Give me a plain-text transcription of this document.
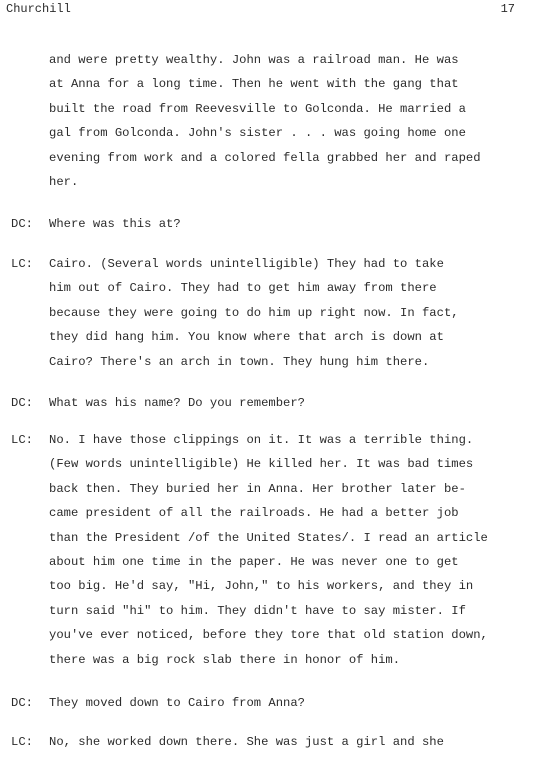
Churchill	17
and were pretty wealthy. John was a railroad man. He was
at Anna for a long time. Then he went with the gang that
built the road from Reevesville to Golconda. He married a
gal from Golconda. John's sister . . . was going home one
evening from work and a colored fella grabbed her and raped
her.
DC: Where was this at?
LC: Cairo. (Several words unintelligible) They had to take
him out of Cairo. They had to get him away from there
because they were going to do him up right now. In fact,
they did hang him. You know where that arch is down at
Cairo? There's an arch in town. They hung him there.
DC: What was his name? Do you remember?
LC: No. I have those clippings on it. It was a terrible thing.
(Few words unintelligible) He killed her. It was bad times
back then. They buried her in Anna. Her brother later be-
came president of all the railroads. He had a better job
than the President /of the United States/. I read an article
about him one time in the paper. He was never one to get
too big. He'd say, "Hi, John," to his workers, and they in
turn said "hi" to him. They didn't have to say mister. If
you've ever noticed, before they tore that old station down,
there was a big rock slab there in honor of him.
DC: They moved down to Cairo from Anna?
LC: No, she worked down there. She was just a girl and she
